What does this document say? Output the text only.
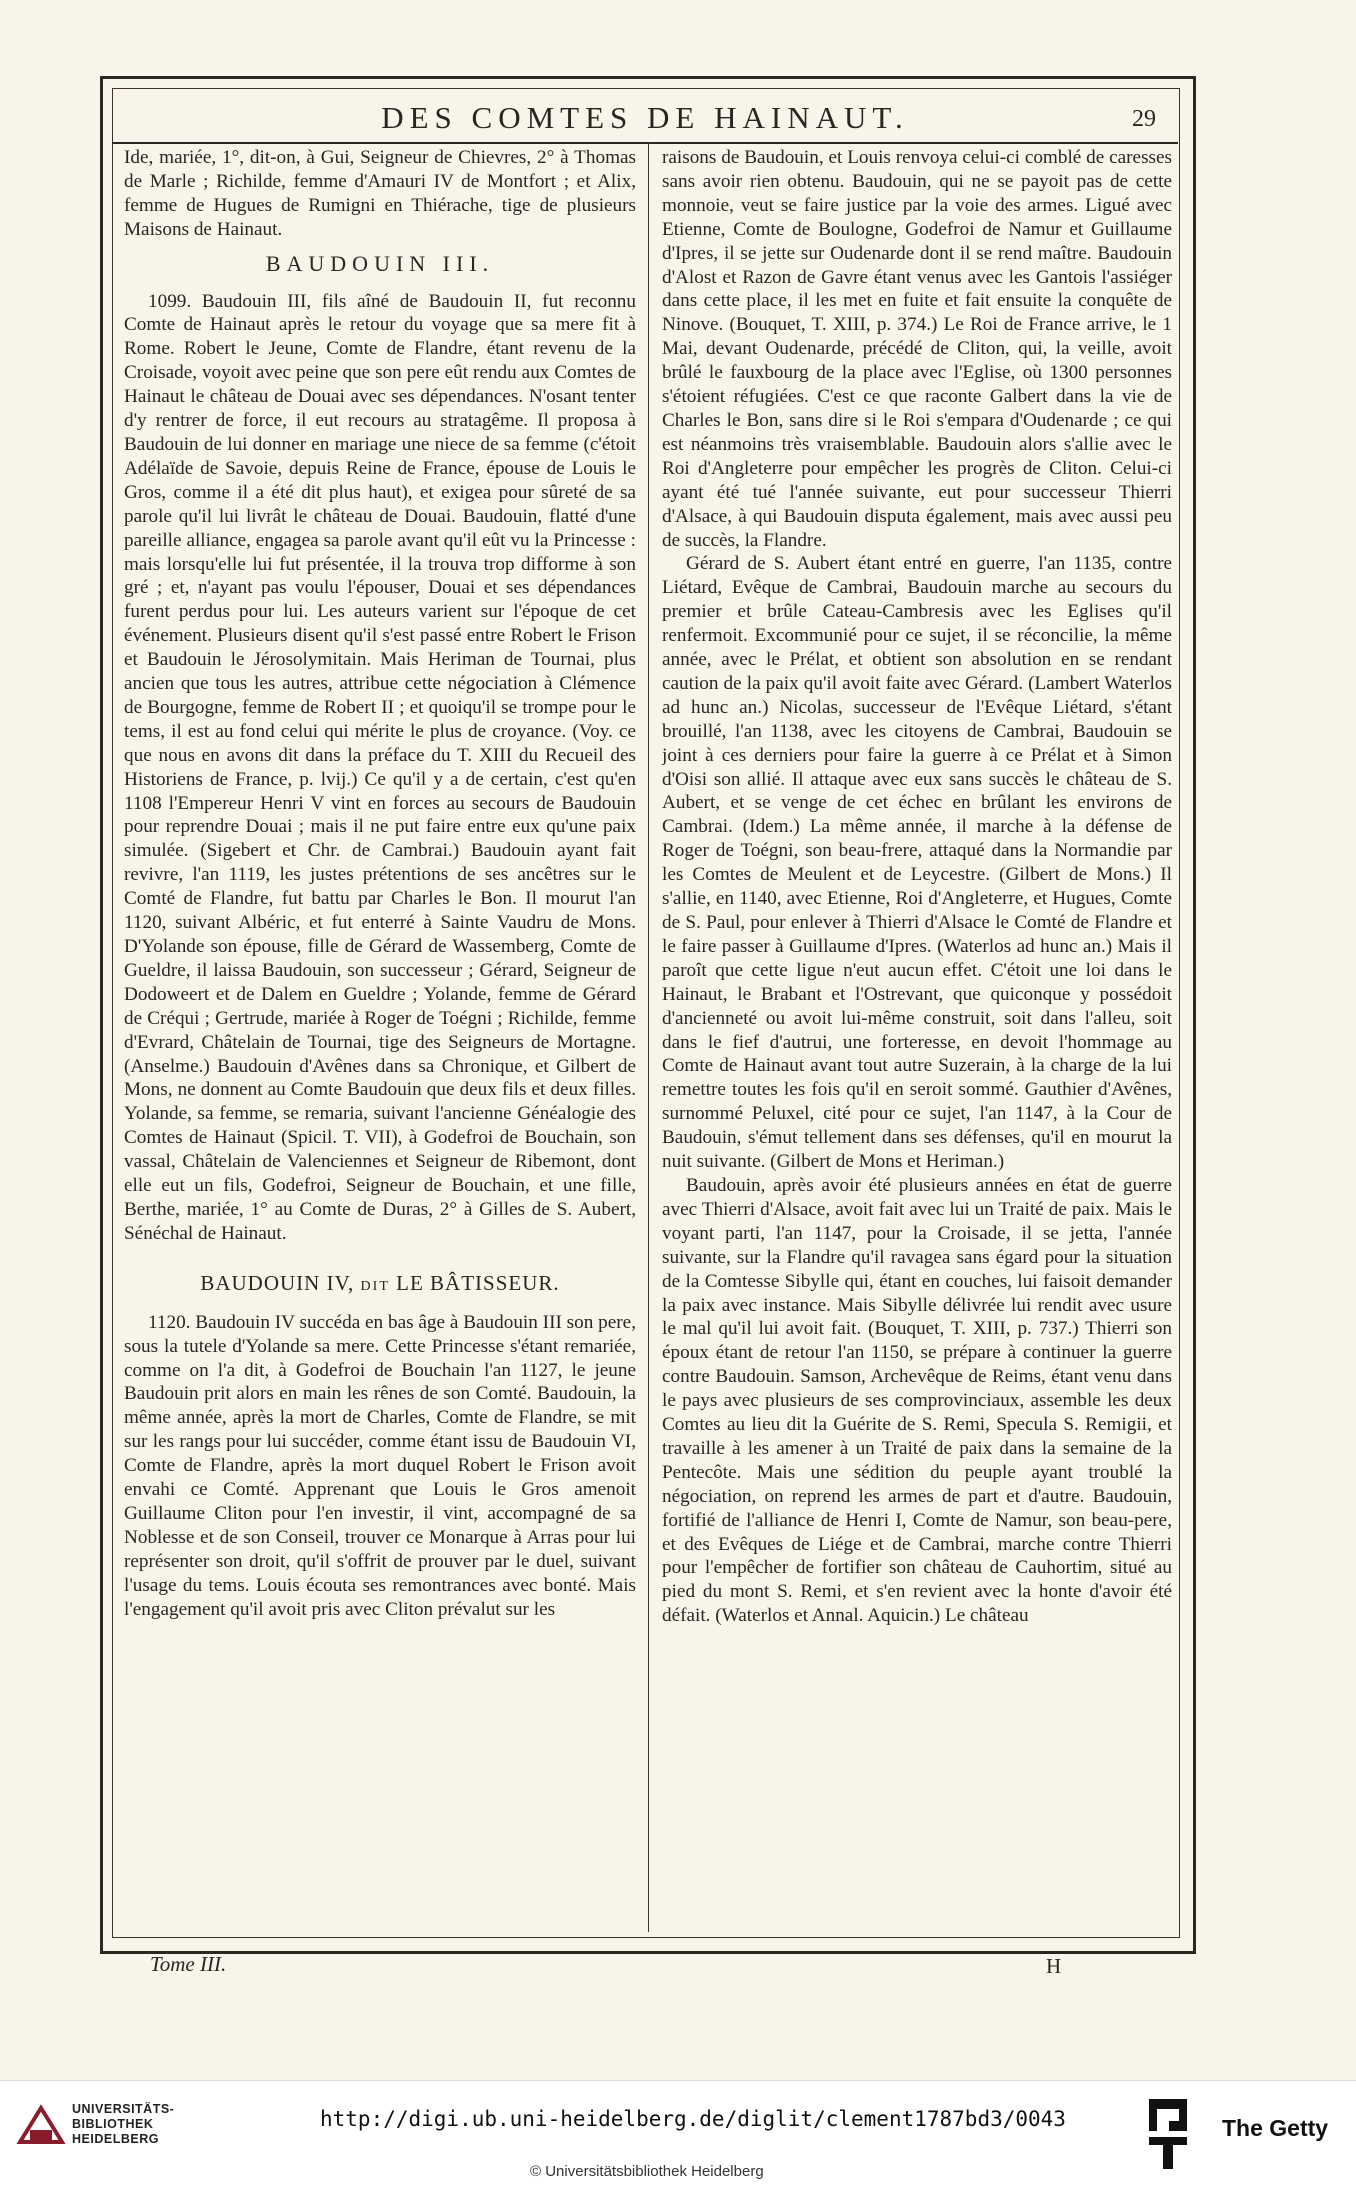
DES COMTES DE HAINAUT.	29

Ide, mariée, 1°, dit-on, à Gui, Seigneur de Chievres, 2° à Thomas de Marle ; Richilde, femme d'Amauri IV de Montfort ; et Alix, femme de Hugues de Rumigni en Thiérache, tige de plusieurs Maisons de Hainaut.

BAUDOUIN III.

1099. Baudouin III, fils aîné de Baudouin II, fut reconnu Comte de Hainaut après le retour du voyage que sa mere fit à Rome. Robert le Jeune, Comte de Flandre, étant revenu de la Croisade, voyoit avec peine que son pere eût rendu aux Comtes de Hainaut le château de Douai avec ses dépendances. N'osant tenter d'y rentrer de force, il eut recours au stratagême. Il proposa à Baudouin de lui donner en mariage une niece de sa femme (c'étoit Adélaïde de Savoie, depuis Reine de France, épouse de Louis le Gros, comme il a été dit plus haut), et exigea pour sûreté de sa parole qu'il lui livrât le château de Douai. Baudouin, flatté d'une pareille alliance, engagea sa parole avant qu'il eût vu la Princesse : mais lorsqu'elle lui fut présentée, il la trouva trop difforme à son gré ; et, n'ayant pas voulu l'épouser, Douai et ses dépendances furent perdus pour lui. Les auteurs varient sur l'époque de cet événement. Plusieurs disent qu'il s'est passé entre Robert le Frison et Baudouin le Jérosolymitain. Mais Heriman de Tournai, plus ancien que tous les autres, attribue cette négociation à Clémence de Bourgogne, femme de Robert II ; et quoiqu'il se trompe pour le tems, il est au fond celui qui mérite le plus de croyance. (Voy. ce que nous en avons dit dans la préface du T. XIII du Recueil des Historiens de France, p. lvij.) Ce qu'il y a de certain, c'est qu'en 1108 l'Empereur Henri V vint en forces au secours de Baudouin pour reprendre Douai ; mais il ne put faire entre eux qu'une paix simulée. (Sigebert et Chr. de Cambrai.) Baudouin ayant fait revivre, l'an 1119, les justes prétentions de ses ancêtres sur le Comté de Flandre, fut battu par Charles le Bon. Il mourut l'an 1120, suivant Albéric, et fut enterré à Sainte Vaudru de Mons. D'Yolande son épouse, fille de Gérard de Wassemberg, Comte de Gueldre, il laissa Baudouin, son successeur ; Gérard, Seigneur de Dodoweert et de Dalem en Gueldre ; Yolande, femme de Gérard de Créqui ; Gertrude, mariée à Roger de Toégni ; Richilde, femme d'Evrard, Châtelain de Tournai, tige des Seigneurs de Mortagne. (Anselme.) Baudouin d'Avênes dans sa Chronique, et Gilbert de Mons, ne donnent au Comte Baudouin que deux fils et deux filles. Yolande, sa femme, se remaria, suivant l'ancienne Généalogie des Comtes de Hainaut (Spicil. T. VII), à Godefroi de Bouchain, son vassal, Châtelain de Valenciennes et Seigneur de Ribemont, dont elle eut un fils, Godefroi, Seigneur de Bouchain, et une fille, Berthe, mariée, 1° au Comte de Duras, 2° à Gilles de S. Aubert, Sénéchal de Hainaut.

BAUDOUIN IV, DIT LE BÂTISSEUR.

1120. Baudouin IV succéda en bas âge à Baudouin III son pere, sous la tutele d'Yolande sa mere. Cette Princesse s'étant remariée, comme on l'a dit, à Godefroi de Bouchain l'an 1127, le jeune Baudouin prit alors en main les rênes de son Comté. Baudouin, la même année, après la mort de Charles, Comte de Flandre, se mit sur les rangs pour lui succéder, comme étant issu de Baudouin VI, Comte de Flandre, après la mort duquel Robert le Frison avoit envahi ce Comté. Apprenant que Louis le Gros amenoit Guillaume Cliton pour l'en investir, il vint, accompagné de sa Noblesse et de son Conseil, trouver ce Monarque à Arras pour lui représenter son droit, qu'il s'offrit de prouver par le duel, suivant l'usage du tems. Louis écouta ses remontrances avec bonté. Mais l'engagement qu'il avoit pris avec Cliton prévalut sur les

raisons de Baudouin, et Louis renvoya celui-ci comblé de caresses sans avoir rien obtenu. Baudouin, qui ne se payoit pas de cette monnoie, veut se faire justice par la voie des armes. Ligué avec Etienne, Comte de Boulogne, Godefroi de Namur et Guillaume d'Ipres, il se jette sur Oudenarde dont il se rend maître. Baudouin d'Alost et Razon de Gavre étant venus avec les Gantois l'assiéger dans cette place, il les met en fuite et fait ensuite la conquête de Ninove. (Bouquet, T. XIII, p. 374.) Le Roi de France arrive, le 1 Mai, devant Oudenarde, précédé de Cliton, qui, la veille, avoit brûlé le fauxbourg de la place avec l'Eglise, où 1300 personnes s'étoient réfugiées. C'est ce que raconte Galbert dans la vie de Charles le Bon, sans dire si le Roi s'empara d'Oudenarde ; ce qui est néanmoins très vraisemblable. Baudouin alors s'allie avec le Roi d'Angleterre pour empêcher les progrès de Cliton. Celui-ci ayant été tué l'année suivante, eut pour successeur Thierri d'Alsace, à qui Baudouin disputa également, mais avec aussi peu de succès, la Flandre.

Gérard de S. Aubert étant entré en guerre, l'an 1135, contre Liétard, Evêque de Cambrai, Baudouin marche au secours du premier et brûle Cateau-Cambresis avec les Eglises qu'il renfermoit. Excommunié pour ce sujet, il se réconcilie, la même année, avec le Prélat, et obtient son absolution en se rendant caution de la paix qu'il avoit faite avec Gérard. (Lambert Waterlos ad hunc an.) Nicolas, successeur de l'Evêque Liétard, s'étant brouillé, l'an 1138, avec les citoyens de Cambrai, Baudouin se joint à ces derniers pour faire la guerre à ce Prélat et à Simon d'Oisi son allié. Il attaque avec eux sans succès le château de S. Aubert, et se venge de cet échec en brûlant les environs de Cambrai. (Idem.) La même année, il marche à la défense de Roger de Toégni, son beau-frere, attaqué dans la Normandie par les Comtes de Meulent et de Leycestre. (Gilbert de Mons.) Il s'allie, en 1140, avec Etienne, Roi d'Angleterre, et Hugues, Comte de S. Paul, pour enlever à Thierri d'Alsace le Comté de Flandre et le faire passer à Guillaume d'Ipres. (Waterlos ad hunc an.) Mais il paroît que cette ligue n'eut aucun effet. C'étoit une loi dans le Hainaut, le Brabant et l'Ostrevant, que quiconque y possédoit d'ancienneté ou avoit lui-même construit, soit dans l'alleu, soit dans le fief d'autrui, une forteresse, en devoit l'hommage au Comte de Hainaut avant tout autre Suzerain, à la charge de la lui remettre toutes les fois qu'il en seroit sommé. Gauthier d'Avênes, surnommé Peluxel, cité pour ce sujet, l'an 1147, à la Cour de Baudouin, s'émut tellement dans ses défenses, qu'il en mourut la nuit suivante. (Gilbert de Mons et Heriman.)

Baudouin, après avoir été plusieurs années en état de guerre avec Thierri d'Alsace, avoit fait avec lui un Traité de paix. Mais le voyant parti, l'an 1147, pour la Croisade, il se jetta, l'année suivante, sur la Flandre qu'il ravagea sans égard pour la situation de la Comtesse Sibylle qui, étant en couches, lui faisoit demander la paix avec instance. Mais Sibylle délivrée lui rendit avec usure le mal qu'il lui avoit fait. (Bouquet, T. XIII, p. 737.) Thierri son époux étant de retour l'an 1150, se prépare à continuer la guerre contre Baudouin. Samson, Archevêque de Reims, étant venu dans le pays avec plusieurs de ses comprovinciaux, assemble les deux Comtes au lieu dit la Guérite de S. Remi, Specula S. Remigii, et travaille à les amener à un Traité de paix dans la semaine de la Pentecôte. Mais une sédition du peuple ayant troublé la négociation, on reprend les armes de part et d'autre. Baudouin, fortifié de l'alliance de Henri I, Comte de Namur, son beau-pere, et des Evêques de Liége et de Cambrai, marche contre Thierri pour l'empêcher de fortifier son château de Cauhortim, situé au pied du mont S. Remi, et s'en revient avec la honte d'avoir été défait. (Waterlos et Annal. Aquicin.) Le château

Tome III.	H
UNIVERSITÄTS-
BIBLIOTHEK
HEIDELBERG
http://digi.ub.uni-heidelberg.de/diglit/clement1787bd3/0043
© Universitätsbibliothek Heidelberg
The Getty
